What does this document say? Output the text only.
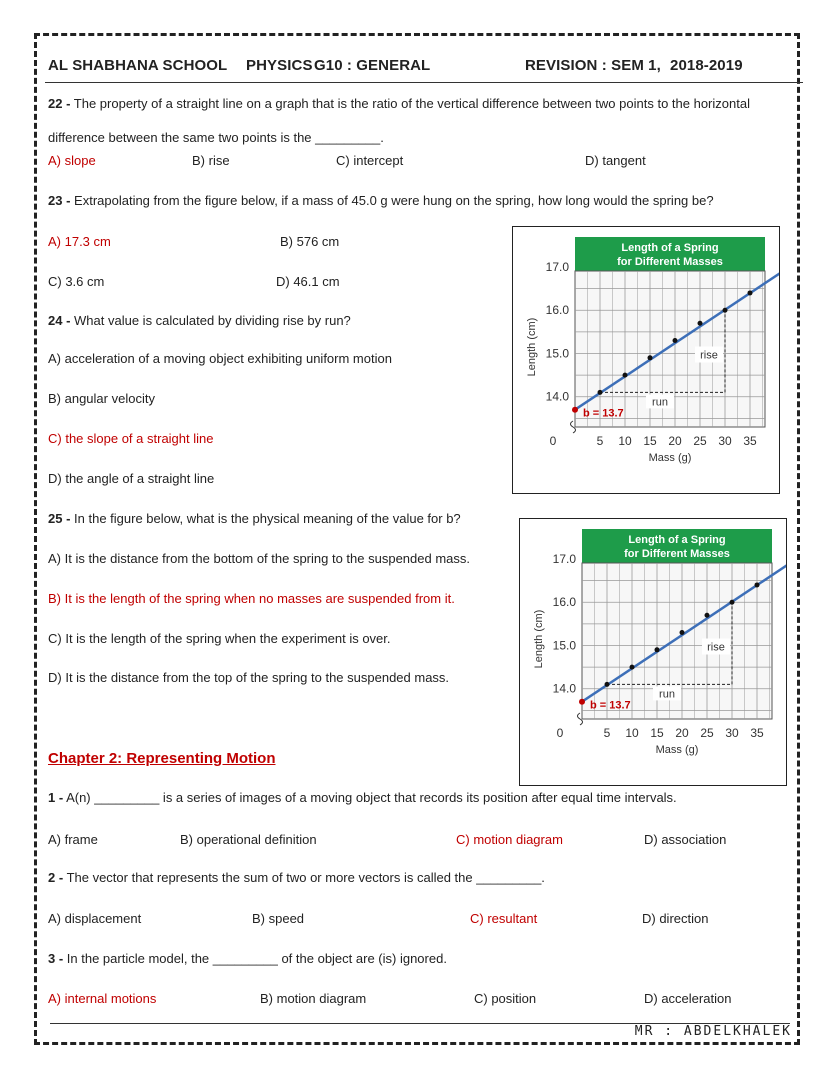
AL SHABHANA SCHOOL PHYSICS G10 : GENERAL	REVISION : SEM 1, 2018-2019
22 - The property of a straight line on a graph that is the ratio of the vertical difference between two points to the horizontal
difference between the same two points is the _________.
A) slope	B) rise	C) intercept	D) tangent
23 - Extrapolating from the figure below, if a mass of 45.0 g were hung on the spring, how long would the spring be?
A) 17.3 cm	B) 576 cm
C) 3.6 cm	D) 46.1 cm
24 - What value is calculated by dividing rise by run?
A) acceleration of a moving object exhibiting uniform motion
B) angular velocity
C) the slope of a straight line
D) the angle of a straight line
25 - In the figure below, what is the physical meaning of the value for b?
A) It is the distance from the bottom of the spring to the suspended mass.
B) It is the length of the spring when no masses are suspended from it.
C) It is the length of the spring when the experiment is over.
D) It is the distance from the top of the spring to the suspended mass.
Chapter 2: Representing Motion
1 - A(n) _________ is a series of images of a moving object that records its position after equal time intervals.
A) frame	B) operational definition	C) motion diagram	D) association
2 - The vector that represents the sum of two or more vectors is called the _________.
A) displacement	B) speed	C) resultant	D) direction
3 - In the particle model, the _________ of the object are (is) ignored.
A) internal motions	B) motion diagram	C) position	D) acceleration
MR : ABDELKHALEK
Length of a Spring
for Different Masses
0	5 10 15 20 25 30 35
14.0
15.0
16.0
17.0
Mass (g)
Length (cm)	rise
run
b = 13.7
Length of a Spring
for Different Masses
0	5 10 15 20 25 30 35
14.0
15.0
16.0
17.0
Mass (g)
Length (cm)	rise
run
b = 13.7
